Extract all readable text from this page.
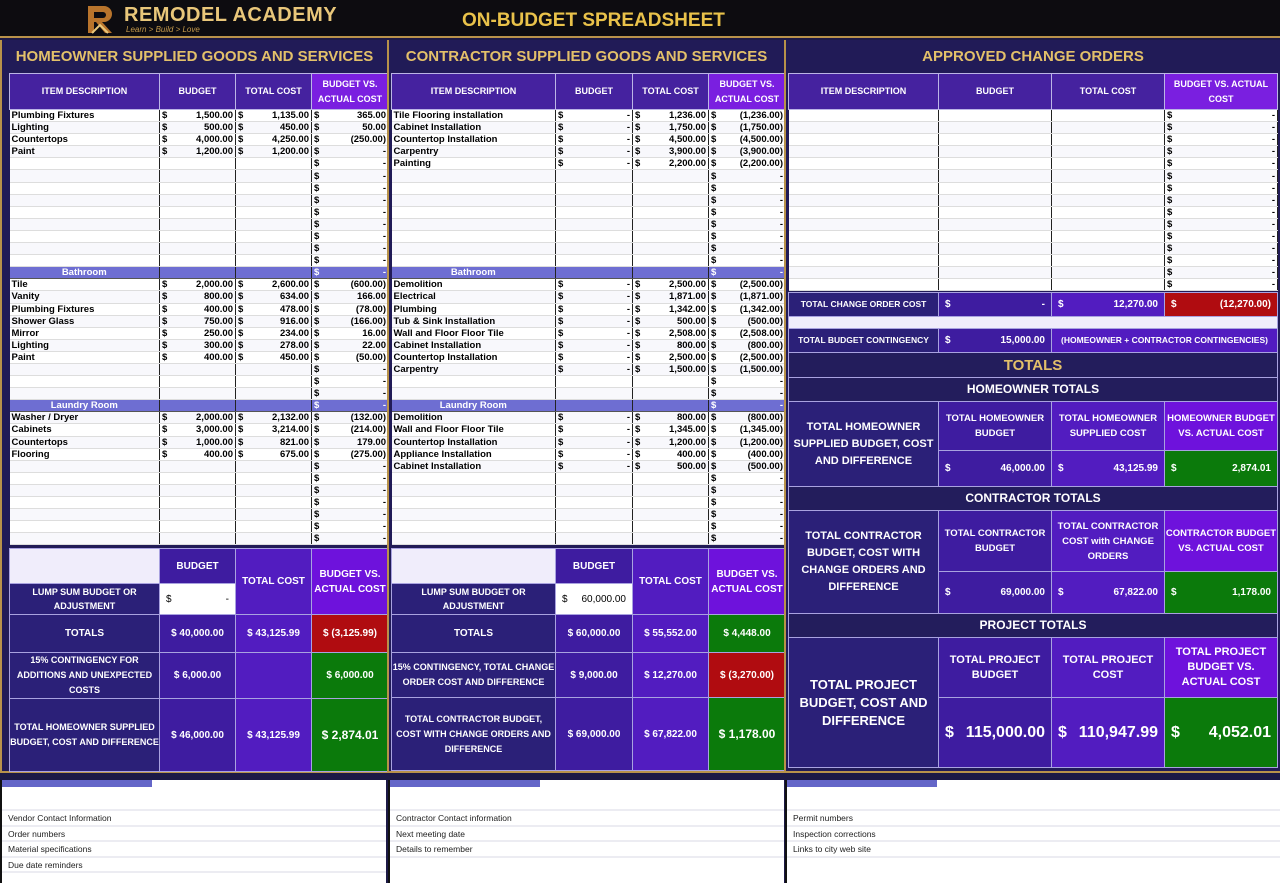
REMODEL ACADEMY
Learn > Build > Love	ON-BUDGET SPREADSHEET
HOMEOWNER SUPPLIED GOODS AND SERVICES
ITEM DESCRIPTION	BUDGET	TOTAL COST	BUDGET VS. ACTUAL COST
Plumbing Fixtures	$ 1,500.00	$ 1,135.00	$ 365.00

Lighting	$ 500.00	$ 450.00	$ 50.00

Countertops	$ 4,000.00	$ 4,250.00	$ (250.00)

Paint	$ 1,200.00	$ 1,200.00	$ -

			$ -

			$ -

			$ -

			$ -

			$ -

			$ -

			$ -

			$ -

			$ -

Bathroom			$ -

Tile	$ 2,000.00	$ 2,600.00	$ (600.00)

Vanity	$ 800.00	$ 634.00	$ 166.00

Plumbing Fixtures	$ 400.00	$ 478.00	$ (78.00)

Shower Glass	$ 750.00	$ 916.00	$ (166.00)

Mirror	$ 250.00	$ 234.00	$ 16.00

Lighting	$ 300.00	$ 278.00	$ 22.00

Paint	$ 400.00	$ 450.00	$ (50.00)

			$ -

			$ -

			$ -

Laundry Room			$ -

Washer / Dryer	$ 2,000.00	$ 2,132.00	$ (132.00)

Cabinets	$ 3,000.00	$ 3,214.00	$ (214.00)

Countertops	$ 1,000.00	$ 821.00	$ 179.00

Flooring	$ 400.00	$ 675.00	$ (275.00)

			$ -

			$ -

			$ -

			$ -

			$ -

			$ -

			$ -
	BUDGET	TOTAL COST	BUDGET VS. ACTUAL COST
LUMP SUM BUDGET OR ADJUSTMENT	$ -		

TOTALS	$ 40,000.00	$ 43,125.99	$ (3,125.99)
15% CONTINGENCY FOR ADDITIONS AND UNEXPECTED COSTS	$ 6,000.00		$ 6,000.00
TOTAL HOMEOWNER SUPPLIED BUDGET, COST AND DIFFERENCE	$ 46,000.00	$ 43,125.99	$ 2,874.01
CONTRACTOR SUPPLIED GOODS AND SERVICES
ITEM DESCRIPTION	BUDGET	TOTAL COST	BUDGET VS. ACTUAL COST
Tile Flooring installation	$ -	$ 1,236.00	$ (1,236.00)

Cabinet Installation	$ -	$ 1,750.00	$ (1,750.00)

Countertop Installation	$ -	$ 4,500.00	$ (4,500.00)

Carpentry	$ -	$ 3,900.00	$ (3,900.00)

Painting	$ -	$ 2,200.00	$ (2,200.00)

			$ -

			$ -

			$ -

			$ -

			$ -

			$ -

			$ -

			$ -

Bathroom			$ -

Demolition	$ -	$ 2,500.00	$ (2,500.00)

Electrical	$ -	$ 1,871.00	$ (1,871.00)

Plumbing	$ -	$ 1,342.00	$ (1,342.00)

Tub & Sink Installation	$ -	$ 500.00	$ (500.00)

Wall and Floor Floor Tile	$ -	$ 2,508.00	$ (2,508.00)

Cabinet Installation	$ -	$ 800.00	$ (800.00)

Countertop Installation	$ -	$ 2,500.00	$ (2,500.00)

Carpentry	$ -	$ 1,500.00	$ (1,500.00)

			$ -

			$ -

Laundry Room			$ -

Demolition	$ -	$ 800.00	$ (800.00)

Wall and Floor Floor Tile	$ -	$ 1,345.00	$ (1,345.00)

Countertop Installation	$ -	$ 1,200.00	$ (1,200.00)

Appliance Installation	$ -	$ 400.00	$ (400.00)

Cabinet Installation	$ -	$ 500.00	$ (500.00)

			$ -

			$ -

			$ -

			$ -

			$ -

			$ -
	BUDGET	TOTAL COST	BUDGET VS. ACTUAL COST
LUMP SUM BUDGET OR ADJUSTMENT	$ 60,000.00		

TOTALS	$ 60,000.00	$ 55,552.00	$ 4,448.00
15% CONTINGENCY, TOTAL CHANGE ORDER COST AND DIFFERENCE	$ 9,000.00	$ 12,270.00	$ (3,270.00)
TOTAL CONTRACTOR BUDGET, COST WITH CHANGE ORDERS AND DIFFERENCE	$ 69,000.00	$ 67,822.00	$ 1,178.00
APPROVED CHANGE ORDERS
ITEM DESCRIPTION	BUDGET	TOTAL COST	BUDGET VS. ACTUAL COST

			$ -

			$ -

			$ -

			$ -

			$ -

			$ -

			$ -

			$ -

			$ -

			$ -

			$ -

			$ -

			$ -

			$ -

			$ -
TOTAL CHANGE ORDER COST	$ -	$ 12,270.00	$ (12,270.00)

TOTAL BUDGET CONTINGENCY	$ 15,000.00	(HOMEOWNER + CONTRACTOR CONTINGENCIES)	
TOTALS			
HOMEOWNER TOTALS			
TOTAL HOMEOWNER SUPPLIED BUDGET, COST AND DIFFERENCE	TOTAL HOMEOWNER BUDGET	TOTAL HOMEOWNER SUPPLIED COST	HOMEOWNER BUDGET VS. ACTUAL COST

	$ 46,000.00	$ 43,125.99	$ 2,874.01

CONTRACTOR TOTALS			
TOTAL CONTRACTOR BUDGET, COST WITH CHANGE ORDERS AND DIFFERENCE	TOTAL CONTRACTOR BUDGET	TOTAL CONTRACTOR COST with CHANGE ORDERS	CONTRACTOR BUDGET VS. ACTUAL COST

	$ 69,000.00	$ 67,822.00	$ 1,178.00

PROJECT TOTALS			
TOTAL PROJECT BUDGET, COST AND DIFFERENCE	TOTAL PROJECT BUDGET	TOTAL PROJECT COST	TOTAL PROJECT BUDGET VS. ACTUAL COST

	$ 115,000.00	$ 110,947.99	$ 4,052.01
Vendor Contact Information
Order numbers
Material specifications
Due date reminders
Contractor Contact information
Next meeting date
Details to remember
Permit numbers
Inspection corrections
Links to city web site
